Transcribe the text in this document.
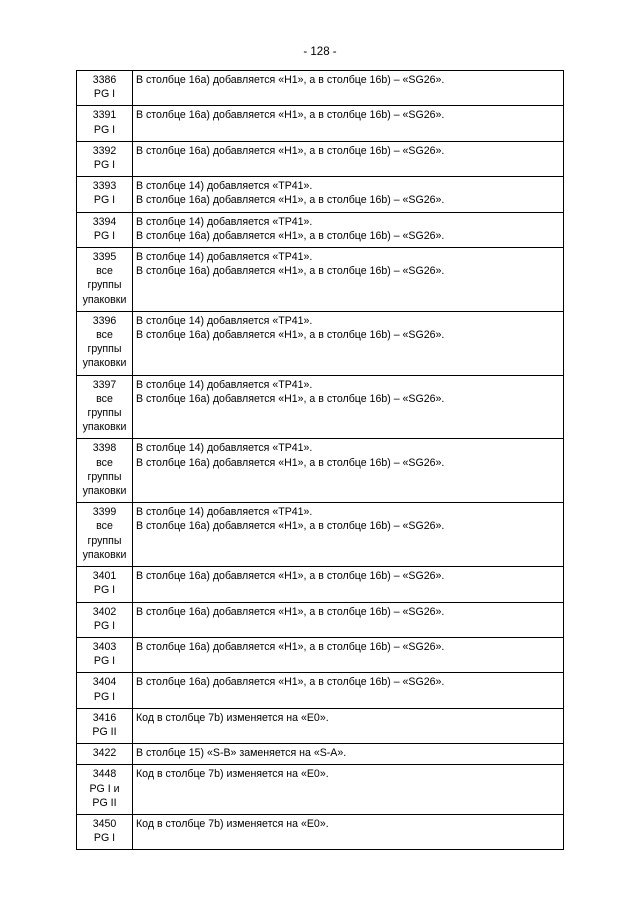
- 128 -
3386
PG I	В столбце 16а) добавляется «H1», а в столбце 16b) – «SG26».

3391
PG I	В столбце 16а) добавляется «H1», а в столбце 16b) – «SG26».

3392
PG I	В столбце 16а) добавляется «H1», а в столбце 16b) – «SG26».

3393
PG I	В столбце 14) добавляется «TP41».
В столбце 16а) добавляется «H1», а в столбце 16b) – «SG26».

3394
PG I	В столбце 14) добавляется «TP41».
В столбце 16а) добавляется «H1», а в столбце 16b) – «SG26».

3395
все
группы
упаковки	В столбце 14) добавляется «TP41».
В столбце 16а) добавляется «H1», а в столбце 16b) – «SG26».

3396
все
группы
упаковки	В столбце 14) добавляется «TP41».
В столбце 16а) добавляется «H1», а в столбце 16b) – «SG26».

3397
все
группы
упаковки	В столбце 14) добавляется «TP41».
В столбце 16а) добавляется «H1», а в столбце 16b) – «SG26».

3398
все
группы
упаковки	В столбце 14) добавляется «TP41».
В столбце 16а) добавляется «H1», а в столбце 16b) – «SG26».

3399
все
группы
упаковки	В столбце 14) добавляется «TP41».
В столбце 16а) добавляется «H1», а в столбце 16b) – «SG26».

3401
PG I	В столбце 16а) добавляется «H1», а в столбце 16b) – «SG26».

3402
PG I	В столбце 16а) добавляется «H1», а в столбце 16b) – «SG26».

3403
PG I	В столбце 16а) добавляется «H1», а в столбце 16b) – «SG26».

3404
PG I	В столбце 16а) добавляется «H1», а в столбце 16b) – «SG26».

3416
PG II	Код в столбце 7b) изменяется на «E0».

3422	В столбце 15) «S-B» заменяется на «S-A».

3448
PG I и
PG II	Код в столбце 7b) изменяется на «E0».

3450
PG I	Код в столбце 7b) изменяется на «E0».
